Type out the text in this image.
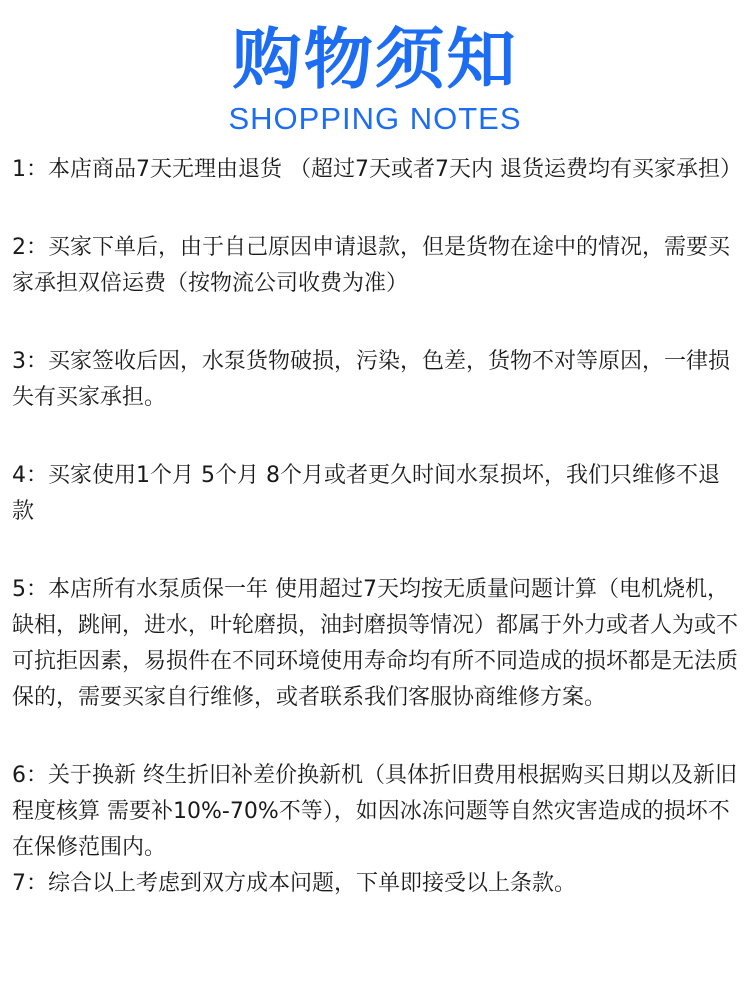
购物须知
SHOPPING NOTES

1：本店商品7天无理由退货 （超过7天或者7天内 退货运费均有买家承担）

2：买家下单后，由于自己原因申请退款，但是货物在途中的情况，需要买家承担双倍运费（按物流公司收费为准）

3：买家签收后因，水泵货物破损，污染，色差，货物不对等原因，一律损失有买家承担。

4：买家使用1个月 5个月 8个月或者更久时间水泵损坏，我们只维修不退款

5：本店所有水泵质保一年 使用超过7天均按无质量问题计算（电机烧机，缺相，跳闸，进水，叶轮磨损，油封磨损等情况）都属于外力或者人为或不可抗拒因素，易损件在不同环境使用寿命均有所不同造成的损坏都是无法质保的，需要买家自行维修，或者联系我们客服协商维修方案。

6：关于换新 终生折旧补差价换新机（具体折旧费用根据购买日期以及新旧程度核算 需要补10%-70%不等），如因冰冻问题等自然灾害造成的损坏不在保修范围内。

7：综合以上考虑到双方成本问题，下单即接受以上条款。
